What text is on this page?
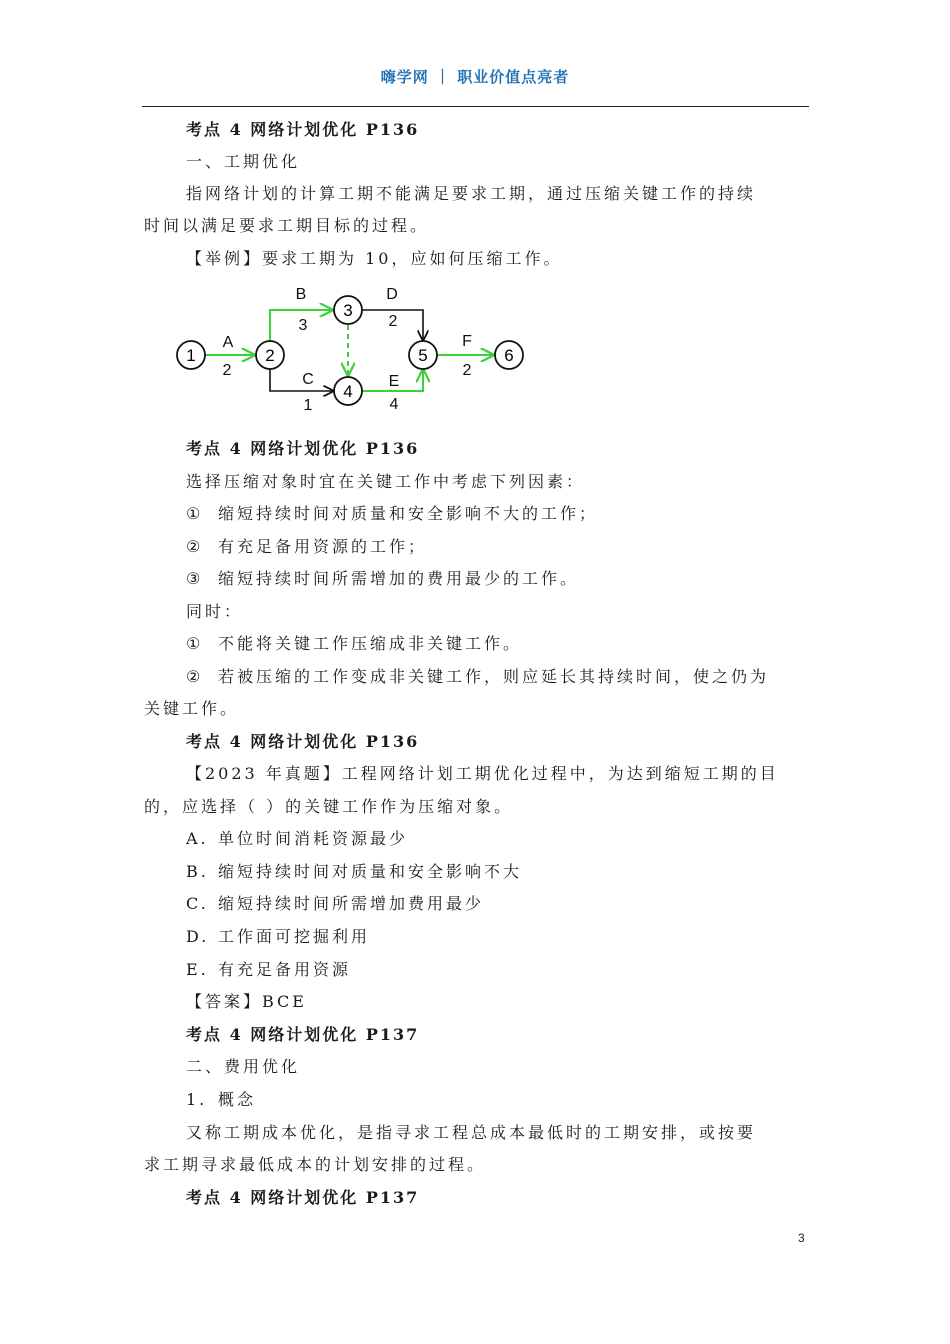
嗨学网 ｜ 职业价值点亮者
考点 4 网络计划优化 P136
一、工期优化
指网络计划的计算工期不能满足要求工期，通过压缩关键工作的持续
时间以满足要求工期目标的过程。
【举例】要求工期为 10，应如何压缩工作。
1	2
3
4
5	6
A
2
B
3
C
1
D
2
E
4
F
2
考点 4 网络计划优化 P136
选择压缩对象时宜在关键工作中考虑下列因素：
① 缩短持续时间对质量和安全影响不大的工作；
② 有充足备用资源的工作；
③ 缩短持续时间所需增加的费用最少的工作。
同时：
① 不能将关键工作压缩成非关键工作。
② 若被压缩的工作变成非关键工作，则应延长其持续时间，使之仍为
关键工作。
考点 4 网络计划优化 P136
【2023 年真题】工程网络计划工期优化过程中，为达到缩短工期的目
的，应选择（ ）的关键工作作为压缩对象。
A. 单位时间消耗资源最少
B. 缩短持续时间对质量和安全影响不大
C. 缩短持续时间所需增加费用最少
D. 工作面可挖掘利用
E. 有充足备用资源
【答案】BCE
考点 4 网络计划优化 P137
二、费用优化
1. 概念
又称工期成本优化，是指寻求工程总成本最低时的工期安排，或按要
求工期寻求最低成本的计划安排的过程。
考点 4 网络计划优化 P137
3
